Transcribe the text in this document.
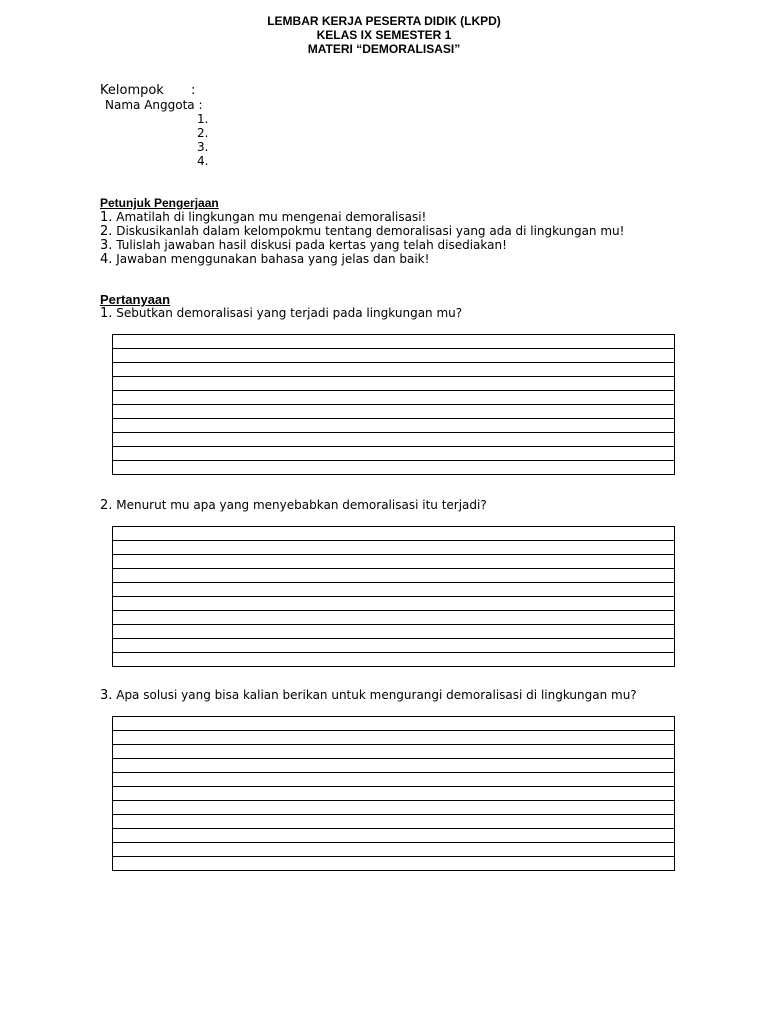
LEMBAR KERJA PESERTA DIDIK (LKPD)
KELAS IX SEMESTER 1
MATERI “DEMORALISASI”
Kelompok :
Nama Anggota :
1.
2.
3.
4.
Petunjuk Pengerjaan
1. Amatilah di lingkungan mu mengenai demoralisasi!
2. Diskusikanlah dalam kelompokmu tentang demoralisasi yang ada di lingkungan mu!
3. Tulislah jawaban hasil diskusi pada kertas yang telah disediakan!
4. Jawaban menggunakan bahasa yang jelas dan baik!
Pertanyaan
1. Sebutkan demoralisasi yang terjadi pada lingkungan mu?
2. Menurut mu apa yang menyebabkan demoralisasi itu terjadi?
3. Apa solusi yang bisa kalian berikan untuk mengurangi demoralisasi di lingkungan mu?
